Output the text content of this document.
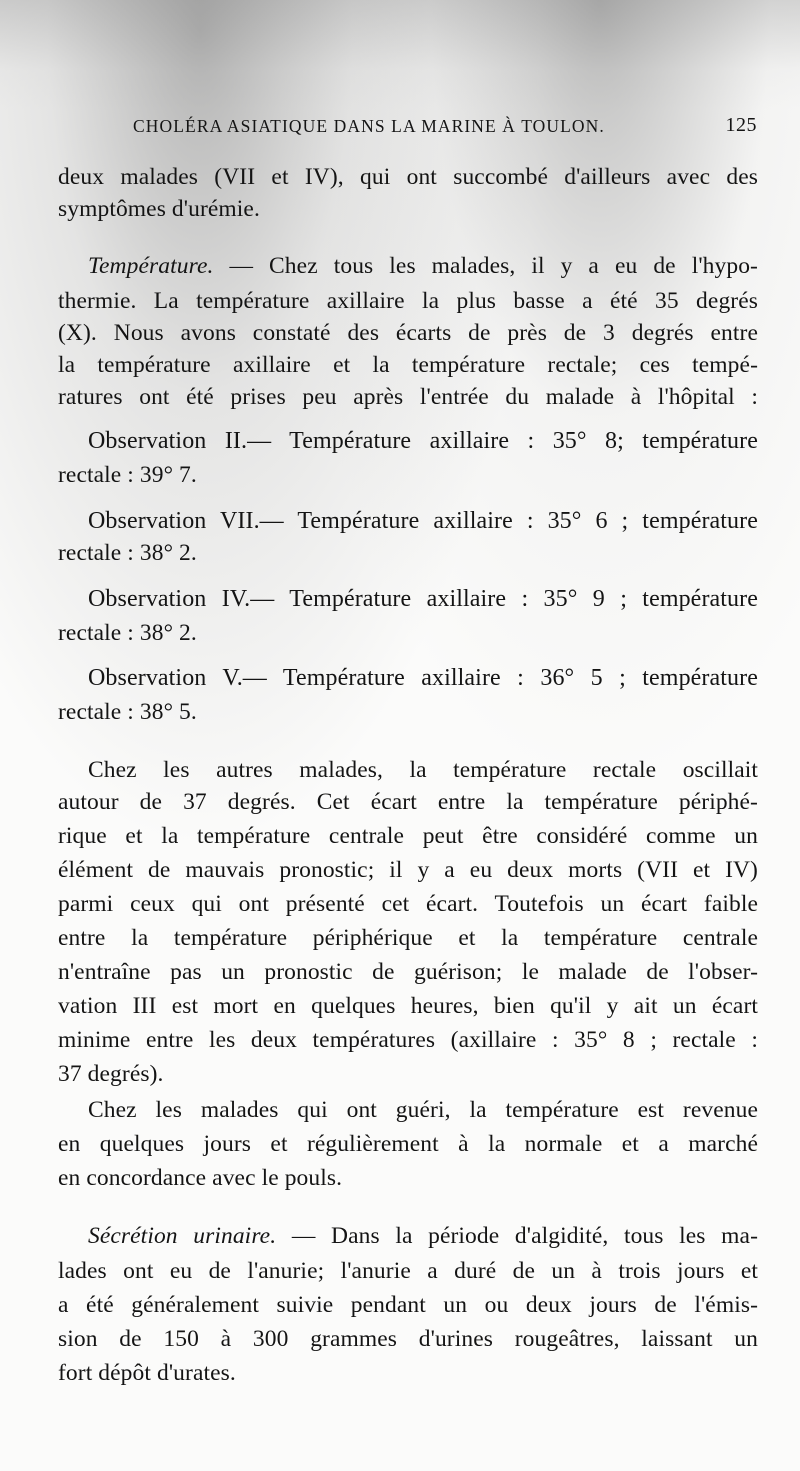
CHOLÉRA ASIATIQUE DANS LA MARINE À TOULON.	125
deux malades (VII et IV), qui ont succombé d'ailleurs avec des
symptômes d'urémie.
Température. — Chez tous les malades, il y a eu de l'hypo-
thermie. La température axillaire la plus basse a été 35 degrés
(X). Nous avons constaté des écarts de près de 3 degrés entre
la température axillaire et la température rectale; ces tempé-
ratures ont été prises peu après l'entrée du malade à l'hôpital :
Observation II.— Température axillaire : 35° 8; température
rectale : 39° 7.
Observation VII.— Température axillaire : 35° 6 ; température
rectale : 38° 2.
Observation IV.— Température axillaire : 35° 9 ; température
rectale : 38° 2.
Observation V.— Température axillaire : 36° 5 ; température
rectale : 38° 5.
Chez les autres malades, la température rectale oscillait
autour de 37 degrés. Cet écart entre la température périphé-
rique et la température centrale peut être considéré comme un
élément de mauvais pronostic; il y a eu deux morts (VII et IV)
parmi ceux qui ont présenté cet écart. Toutefois un écart faible
entre la température périphérique et la température centrale
n'entraîne pas un pronostic de guérison; le malade de l'obser-
vation III est mort en quelques heures, bien qu'il y ait un écart
minime entre les deux températures (axillaire : 35° 8 ; rectale :
37 degrés).
Chez les malades qui ont guéri, la température est revenue
en quelques jours et régulièrement à la normale et a marché
en concordance avec le pouls.
Sécrétion urinaire. — Dans la période d'algidité, tous les ma-
lades ont eu de l'anurie; l'anurie a duré de un à trois jours et
a été généralement suivie pendant un ou deux jours de l'émis-
sion de 150 à 300 grammes d'urines rougeâtres, laissant un
fort dépôt d'urates.
